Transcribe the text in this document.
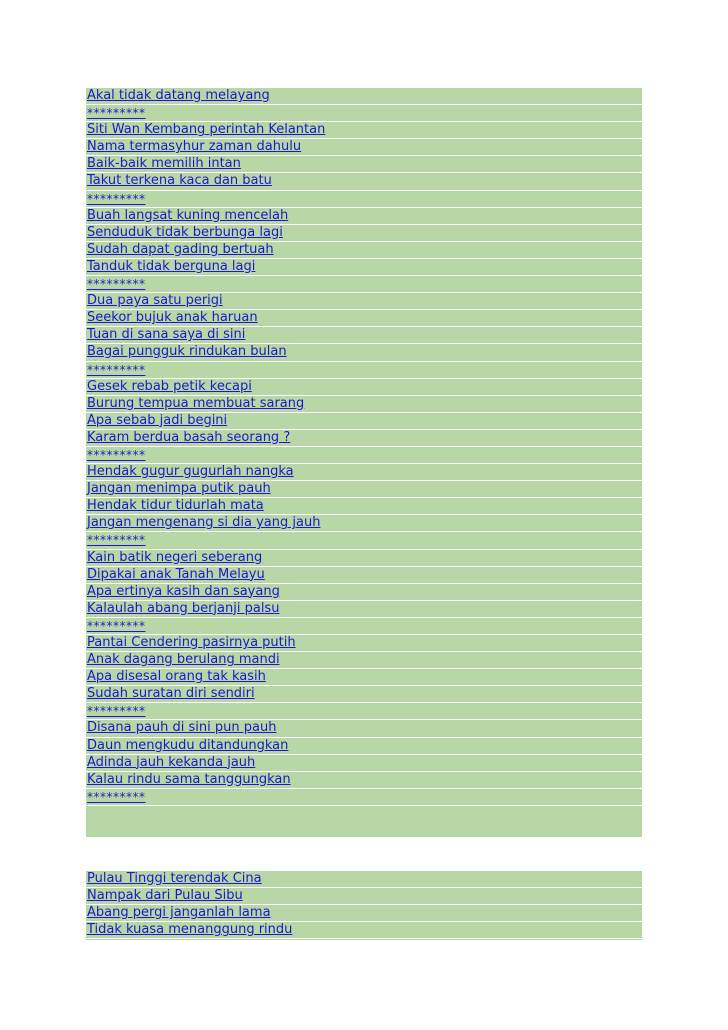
Akal tidak datang melayang
*********
Siti Wan Kembang perintah Kelantan
Nama termasyhur zaman dahulu
Baik-baik memilih intan
Takut terkena kaca dan batu
*********
Buah langsat kuning mencelah
Senduduk tidak berbunga lagi
Sudah dapat gading bertuah
Tanduk tidak berguna lagi
*********
Dua paya satu perigi
Seekor bujuk anak haruan
Tuan di sana saya di sini
Bagai pungguk rindukan bulan
*********
Gesek rebab petik kecapi
Burung tempua membuat sarang
Apa sebab jadi begini
Karam berdua basah seorang ?
*********
Hendak gugur gugurlah nangka
Jangan menimpa putik pauh
Hendak tidur tidurlah mata
Jangan mengenang si dia yang jauh
*********
Kain batik negeri seberang
Dipakai anak Tanah Melayu
Apa ertinya kasih dan sayang
Kalaulah abang berjanji palsu
*********
Pantai Cendering pasirnya putih
Anak dagang berulang mandi
Apa disesal orang tak kasih
Sudah suratan diri sendiri
*********
Disana pauh di sini pun pauh
Daun mengkudu ditandungkan
Adinda jauh kekanda jauh
Kalau rindu sama tanggungkan
*********
Pulau Tinggi terendak Cina
Nampak dari Pulau Sibu
Abang pergi janganlah lama
Tidak kuasa menanggung rindu
